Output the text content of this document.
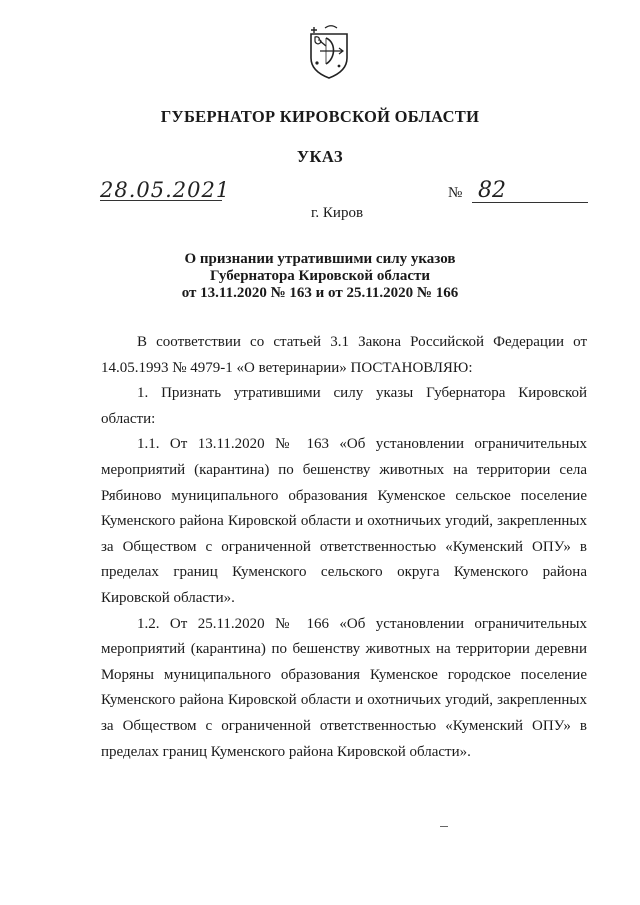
ГУБЕРНАТОР КИРОВСКОЙ ОБЛАСТИ
УКАЗ
28.05.2021	№ 82
г. Киров
О признании утратившими силу указов
Губернатора Кировской области
от 13.11.2020 № 163 и от 25.11.2020 № 166

В соответствии со статьей 3.1 Закона Российской Федерации от 14.05.1993 № 4979-1 «О ветеринарии» ПОСТАНОВЛЯЮ:

1. Признать утратившими силу указы Губернатора Кировской области:

1.1. От 13.11.2020 № 163 «Об установлении ограничительных мероприятий (карантина) по бешенству животных на территории села Рябиново муниципального образования Куменское сельское поселение Куменского района Кировской области и охотничьих угодий, закрепленных за Обществом с ограниченной ответственностью «Куменский ОПУ» в пределах границ Куменского сельского округа Куменского района Кировской области».

1.2. От 25.11.2020 № 166 «Об установлении ограничительных мероприятий (карантина) по бешенству животных на территории деревни Моряны муниципального образования Куменское городское поселение Куменского района Кировской области и охотничьих угодий, закрепленных за Обществом с ограниченной ответственностью «Куменский ОПУ» в пределах границ Куменского района Кировской области».
